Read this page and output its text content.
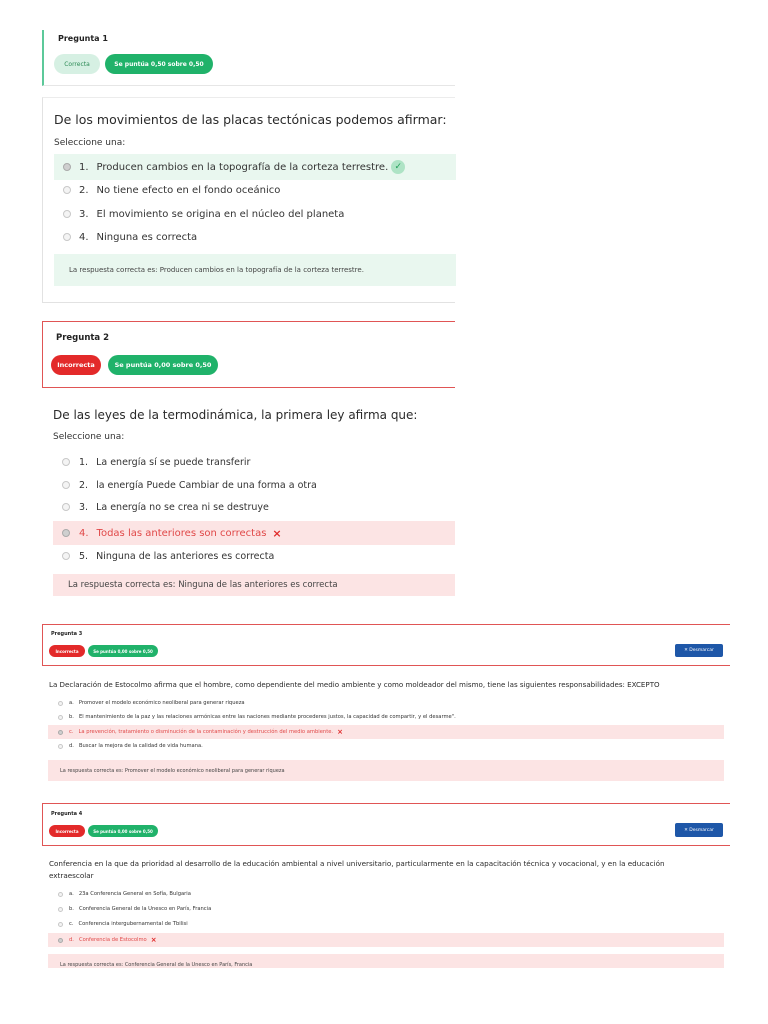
Pregunta 1
Correcta	Se puntúa 0,50 sobre 0,50
De los movimientos de las placas tectónicas podemos afirmar:
Seleccione una:
1. Producen cambios en la topografía de la corteza terrestre. ✓
2. No tiene efecto en el fondo oceánico
3. El movimiento se origina en el núcleo del planeta
4. Ninguna es correcta
La respuesta correcta es: Producen cambios en la topografía de la corteza terrestre.
Pregunta 2
Incorrecta	Se puntúa 0,00 sobre 0,50
De las leyes de la termodinámica, la primera ley afirma que:
Seleccione una:
1. La energía sí se puede transferir
2. la energía Puede Cambiar de una forma a otra
3. La energía no se crea ni se destruye
4. Todas las anteriores son correctas ×
5. Ninguna de las anteriores es correcta
La respuesta correcta es: Ninguna de las anteriores es correcta
Pregunta 3
Incorrecta	Se puntúa 0,00 sobre 0,50	✕ Desmarcar
La Declaración de Estocolmo afirma que el hombre, como dependiente del medio ambiente y como moldeador del mismo, tiene las siguientes responsabilidades: EXCEPTO
a. Promover el modelo económico neoliberal para generar riqueza
b. El mantenimiento de la paz y las relaciones armónicas entre las naciones mediante procederes justos, la capacidad de compartir, y el desarme".
c. La prevención, tratamiento o disminución de la contaminación y destrucción del medio ambiente. ×
d. Buscar la mejora de la calidad de vida humana.
La respuesta correcta es: Promover el modelo económico neoliberal para generar riqueza
Pregunta 4
Incorrecta	Se puntúa 0,00 sobre 0,50	✕ Desmarcar
Conferencia en la que da prioridad al desarrollo de la educación ambiental a nivel universitario, particularmente en la capacitación técnica y vocacional, y en la educación
extraescolar
a. 23a Conferencia General en Sofía, Bulgaria
b. Conferencia General de la Unesco en París, Francia
c. Conferencia intergubernamental de Tbilisi
d. Conferencia de Estocolmo ×
La respuesta correcta es: Conferencia General de la Unesco en París, Francia
